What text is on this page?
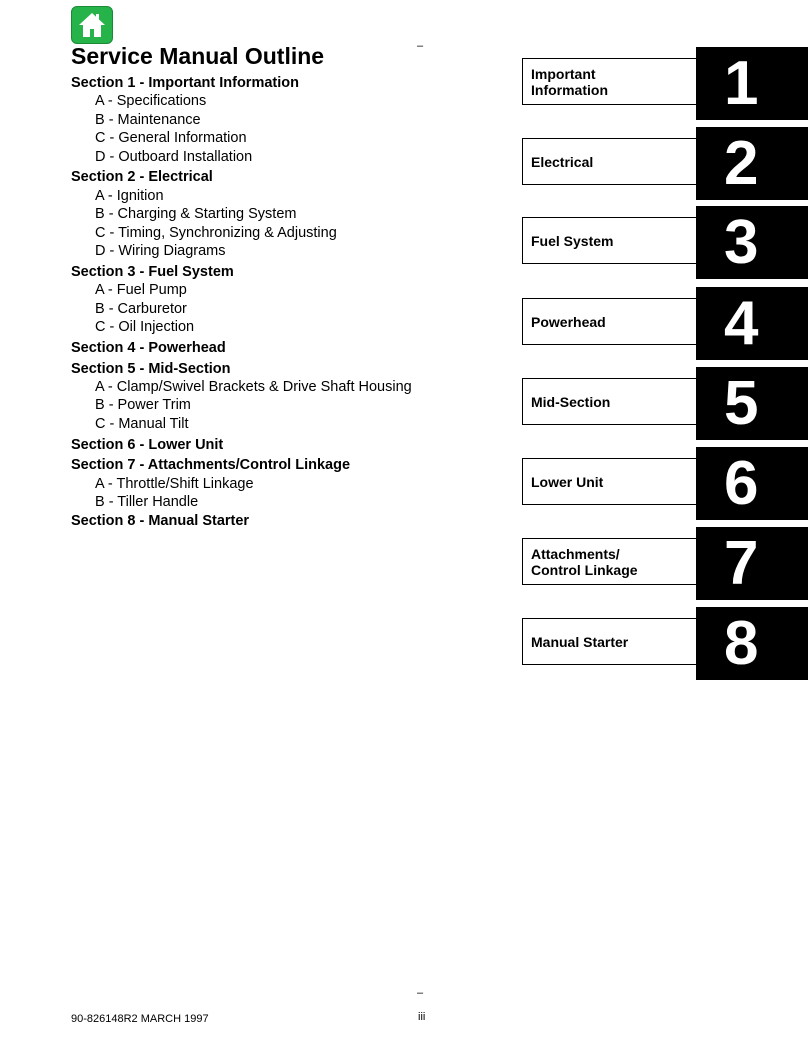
Service Manual Outline	–
Section 1 - Important Information
A - Specifications
B - Maintenance
C - General Information
D - Outboard Installation
Section 2 - Electrical
A - Ignition
B - Charging & Starting System
C - Timing, Synchronizing & Adjusting
D - Wiring Diagrams
Section 3 - Fuel System
A - Fuel Pump
B - Carburetor
C - Oil Injection
Section 4 - Powerhead
Section 5 - Mid-Section
A - Clamp/Swivel Brackets & Drive Shaft Housing
B - Power Trim
C - Manual Tilt
Section 6 - Lower Unit
Section 7 - Attachments/Control Linkage
A - Throttle/Shift Linkage
B - Tiller Handle
Section 8 - Manual Starter
Important
Information	1
Electrical	2
Fuel System	3
Powerhead	4
Mid-Section	5
Lower Unit	6
Attachments/
Control Linkage	7
Manual Starter	8
–
90-826148R2 MARCH 1997	iii
